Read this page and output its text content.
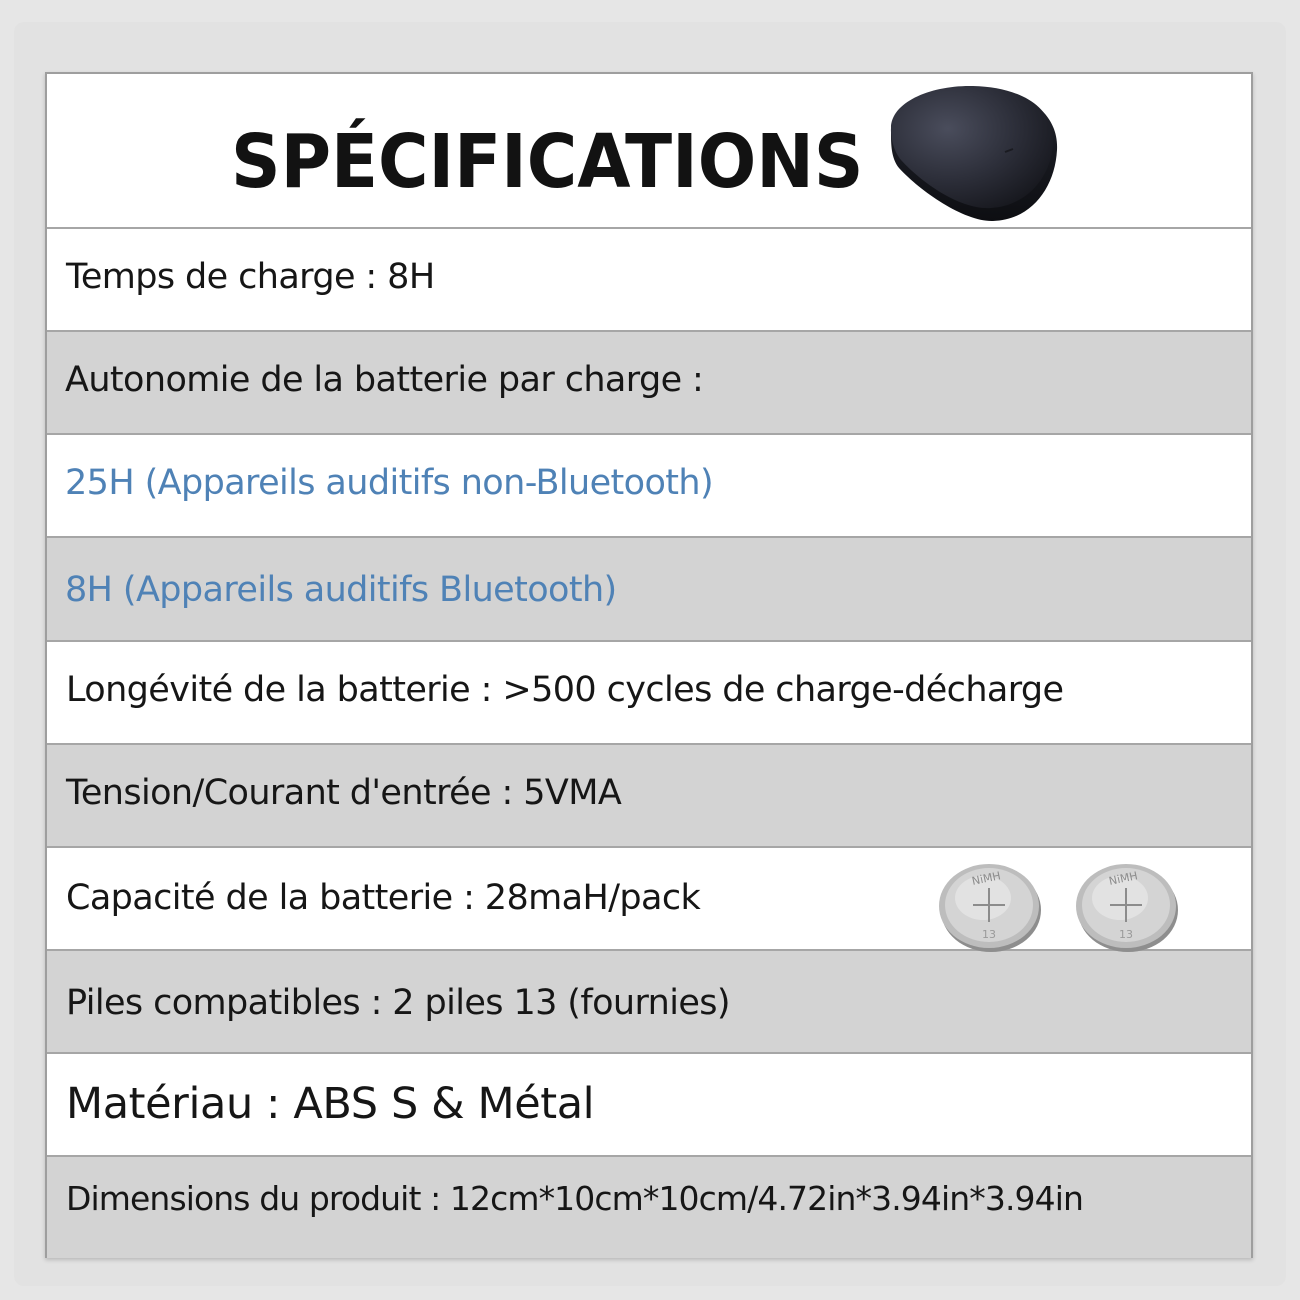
SPÉCIFICATIONS
Temps de charge : 8H
Autonomie de la batterie par charge :
25H (Appareils auditifs non-Bluetooth)
8H (Appareils auditifs Bluetooth)
Longévité de la batterie : >500 cycles de charge-décharge
Tension/Courant d'entrée : 5VMA
Capacité de la batterie : 28maH/pack	NiMH
13
NiMH
13
Piles compatibles : 2 piles 13 (fournies)
Matériau : ABS S & Métal
Dimensions du produit : 12cm*10cm*10cm/4.72in*3.94in*3.94in
